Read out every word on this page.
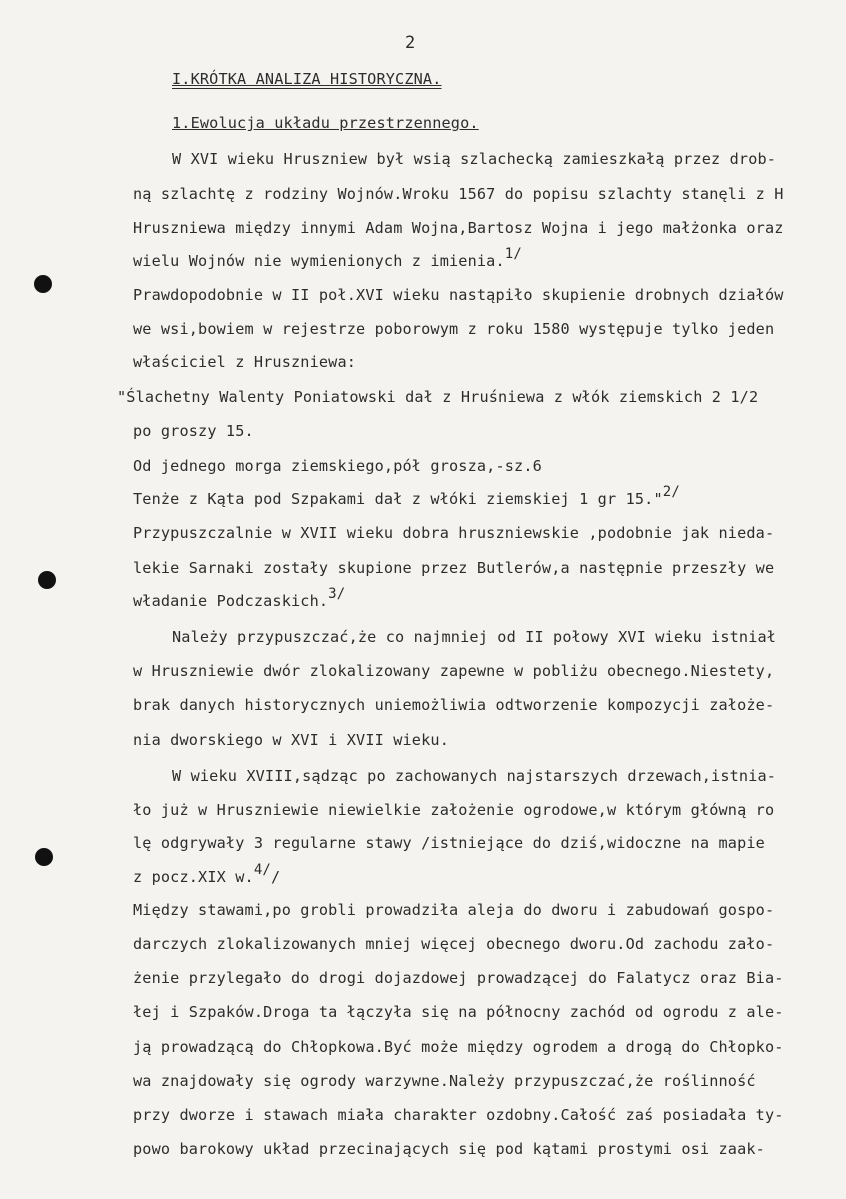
2
I.KRÓTKA ANALIZA HISTORYCZNA.
1.Ewolucja układu przestrzennego.
W XVI wieku Hruszniew był wsią szlachecką zamieszkałą przez drob-
ną szlachtę z rodziny Wojnów.Wroku 1567 do popisu szlachty stanęli z H
Hruszniewa między innymi Adam Wojna,Bartosz Wojna i jego małżonka oraz
wielu Wojnów nie wymienionych z imienia.1/
Prawdopodobnie w II poł.XVI wieku nastąpiło skupienie drobnych działów
we wsi,bowiem w rejestrze poborowym z roku 1580 występuje tylko jeden
właściciel z Hruszniewa:
"Ślachetny Walenty Poniatowski dał z Hruśniewa z włók ziemskich 2 1/2
po groszy 15.
Od jednego morga ziemskiego,pół grosza,-sz.6
Tenże z Kąta pod Szpakami dał z włóki ziemskiej 1 gr 15."2/
Przypuszczalnie w XVII wieku dobra hruszniewskie ,podobnie jak nieda-
lekie Sarnaki zostały skupione przez Butlerów,a następnie przeszły we
władanie Podczaskich.3/
Należy przypuszczać,że co najmniej od II połowy XVI wieku istniał
w Hruszniewie dwór zlokalizowany zapewne w pobliżu obecnego.Niestety,
brak danych historycznych uniemożliwia odtworzenie kompozycji założe-
nia dworskiego w XVI i XVII wieku.
W wieku XVIII,sądząc po zachowanych najstarszych drzewach,istnia-
ło już w Hruszniewie niewielkie założenie ogrodowe,w którym główną ro
lę odgrywały 3 regularne stawy /istniejące do dziś,widoczne na mapie
z pocz.XIX w.4//
Między stawami,po grobli prowadziła aleja do dworu i zabudowań gospo-
darczych zlokalizowanych mniej więcej obecnego dworu.Od zachodu zało-
żenie przylegało do drogi dojazdowej prowadzącej do Falatycz oraz Bia-
łej i Szpaków.Droga ta łączyła się na północny zachód od ogrodu z ale-
ją prowadzącą do Chłopkowa.Być może między ogrodem a drogą do Chłopko-
wa znajdowały się ogrody warzywne.Należy przypuszczać,że roślinność
przy dworze i stawach miała charakter ozdobny.Całość zaś posiadała ty-
powo barokowy układ przecinających się pod kątami prostymi osi zaak-
